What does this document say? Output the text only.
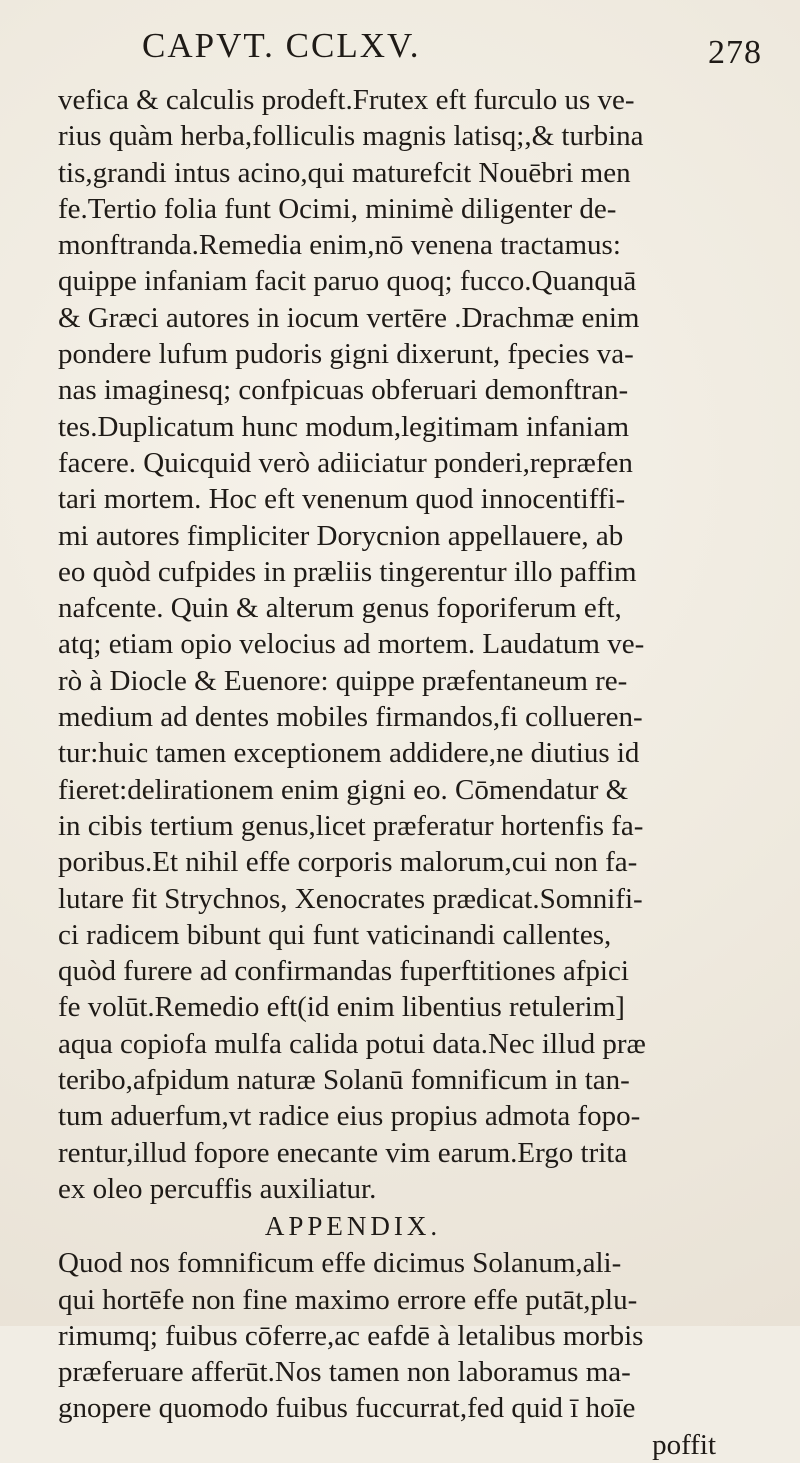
CAPVT. CCLXV.	278
vefica & calculis prodeft.Frutex eft furculo us ve-
rius quàm herba,folliculis magnis latisq;,& turbina
tis,grandi intus acino,qui maturefcit Nouēbri men
fe.Tertio folia funt Ocimi, minimè diligenter de-
monftranda.Remedia enim,nō venena tractamus:
quippe infaniam facit paruo quoq; fucco.Quanquā
& Græci autores in iocum vertēre .Drachmæ enim
pondere lufum pudoris gigni dixerunt, fpecies va-
nas imaginesq; confpicuas obferuari demonftran-
tes.Duplicatum hunc modum,legitimam infaniam
facere. Quicquid verò adiiciatur ponderi,repræfen
tari mortem. Hoc eft venenum quod innocentiffi-
mi autores fimpliciter Dorycnion appellauere, ab
eo quòd cufpides in præliis tingerentur illo paffim
nafcente. Quin & alterum genus foporiferum eft,
atq; etiam opio velocius ad mortem. Laudatum ve-
rò à Diocle & Euenore: quippe præfentaneum re-
medium ad dentes mobiles firmandos,fi collueren-
tur:huic tamen exceptionem addidere,ne diutius id
fieret:delirationem enim gigni eo. Cōmendatur &
in cibis tertium genus,licet præferatur hortenfis fa-
poribus.Et nihil effe corporis malorum,cui non fa-
lutare fit Strychnos, Xenocrates prædicat.Somnifi-
ci radicem bibunt qui funt vaticinandi callentes,
quòd furere ad confirmandas fuperftitiones afpici
fe volūt.Remedio eft(id enim libentius retulerim]
aqua copiofa mulfa calida potui data.Nec illud præ
teribo,afpidum naturæ Solanū fomnificum in tan-
tum aduerfum,vt radice eius propius admota fopo-
rentur,illud fopore enecante vim earum.Ergo trita
ex oleo percuffis auxiliatur.
APPENDIX.
Quod nos fomnificum effe dicimus Solanum,ali-
qui hortēfe non fine maximo errore effe putāt,plu-
rimumq; fuibus cōferre,ac eafdē à letalibus morbis
præferuare afferūt.Nos tamen non laboramus ma-
gnopere quomodo fuibus fuccurrat,fed quid ī hoīe
poffit
